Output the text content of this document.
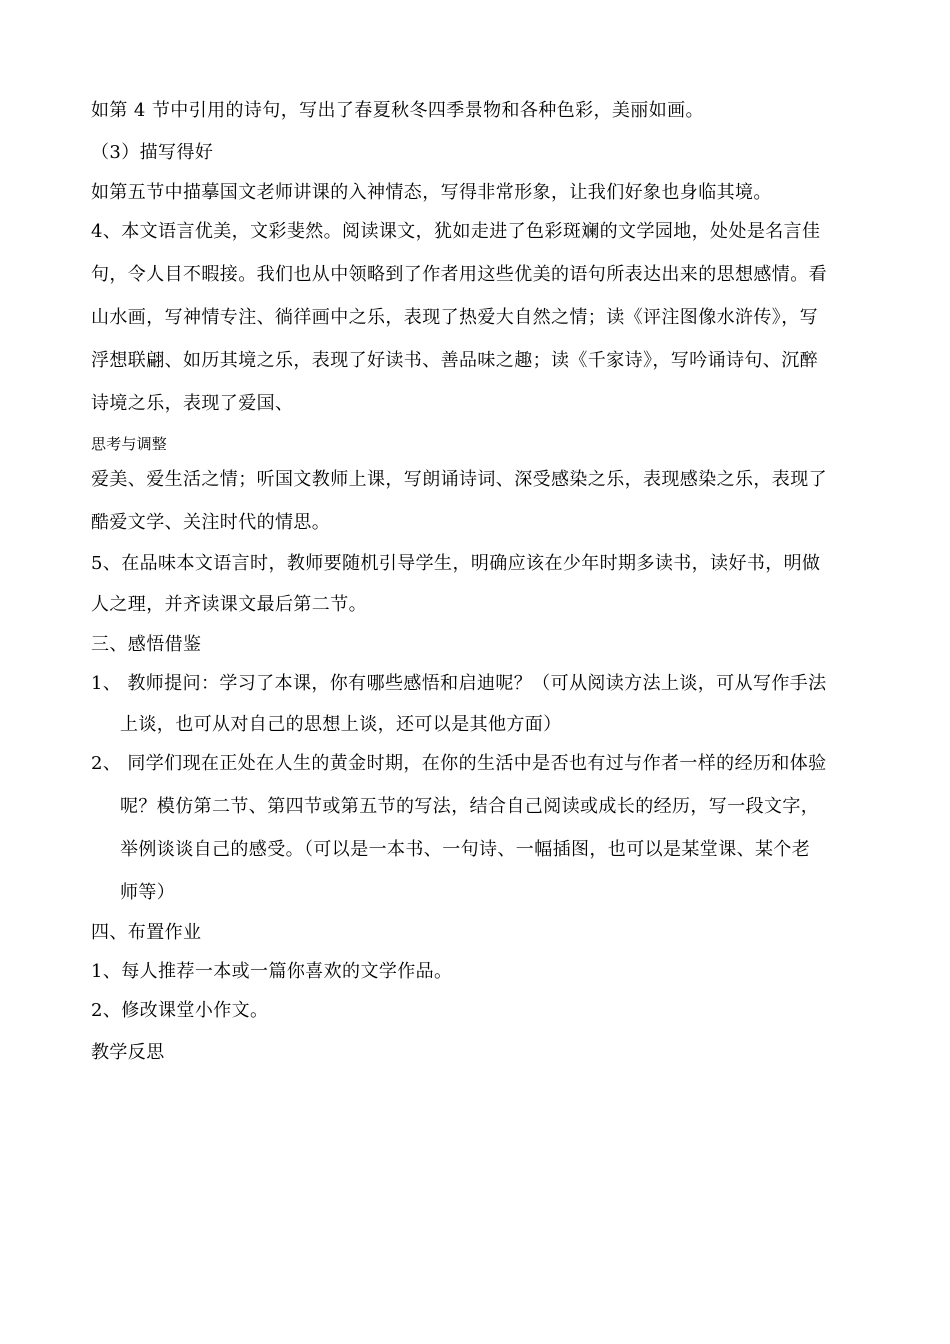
如第 4 节中引用的诗句，写出了春夏秋冬四季景物和各种色彩，美丽如画。
（3）描写得好
如第五节中描摹国文老师讲课的入神情态，写得非常形象，让我们好象也身临其境。
4、本文语言优美，文彩斐然。阅读课文，犹如走进了色彩斑斓的文学园地，处处是名言佳
句，令人目不暇接。我们也从中领略到了作者用这些优美的语句所表达出来的思想感情。看
山水画，写神情专注、徜徉画中之乐，表现了热爱大自然之情；读《评注图像水浒传》，写
浮想联翩、如历其境之乐，表现了好读书、善品味之趣；读《千家诗》，写吟诵诗句、沉醉
诗境之乐，表现了爱国、
思考与调整
爱美、爱生活之情；听国文教师上课，写朗诵诗词、深受感染之乐，表现感染之乐，表现了
酷爱文学、关注时代的情思。
5、在品味本文语言时，教师要随机引导学生，明确应该在少年时期多读书，读好书，明做
人之理，并齐读课文最后第二节。
三、感悟借鉴
1、 教师提问：学习了本课，你有哪些感悟和启迪呢？（可从阅读方法上谈，可从写作手法
上谈，也可从对自己的思想上谈，还可以是其他方面）
2、 同学们现在正处在人生的黄金时期，在你的生活中是否也有过与作者一样的经历和体验
呢？模仿第二节、第四节或第五节的写法，结合自己阅读或成长的经历，写一段文字，
举例谈谈自己的感受。（可以是一本书、一句诗、一幅插图，也可以是某堂课、某个老
师等）
四、布置作业
1、每人推荐一本或一篇你喜欢的文学作品。
2、修改课堂小作文。
教学反思
